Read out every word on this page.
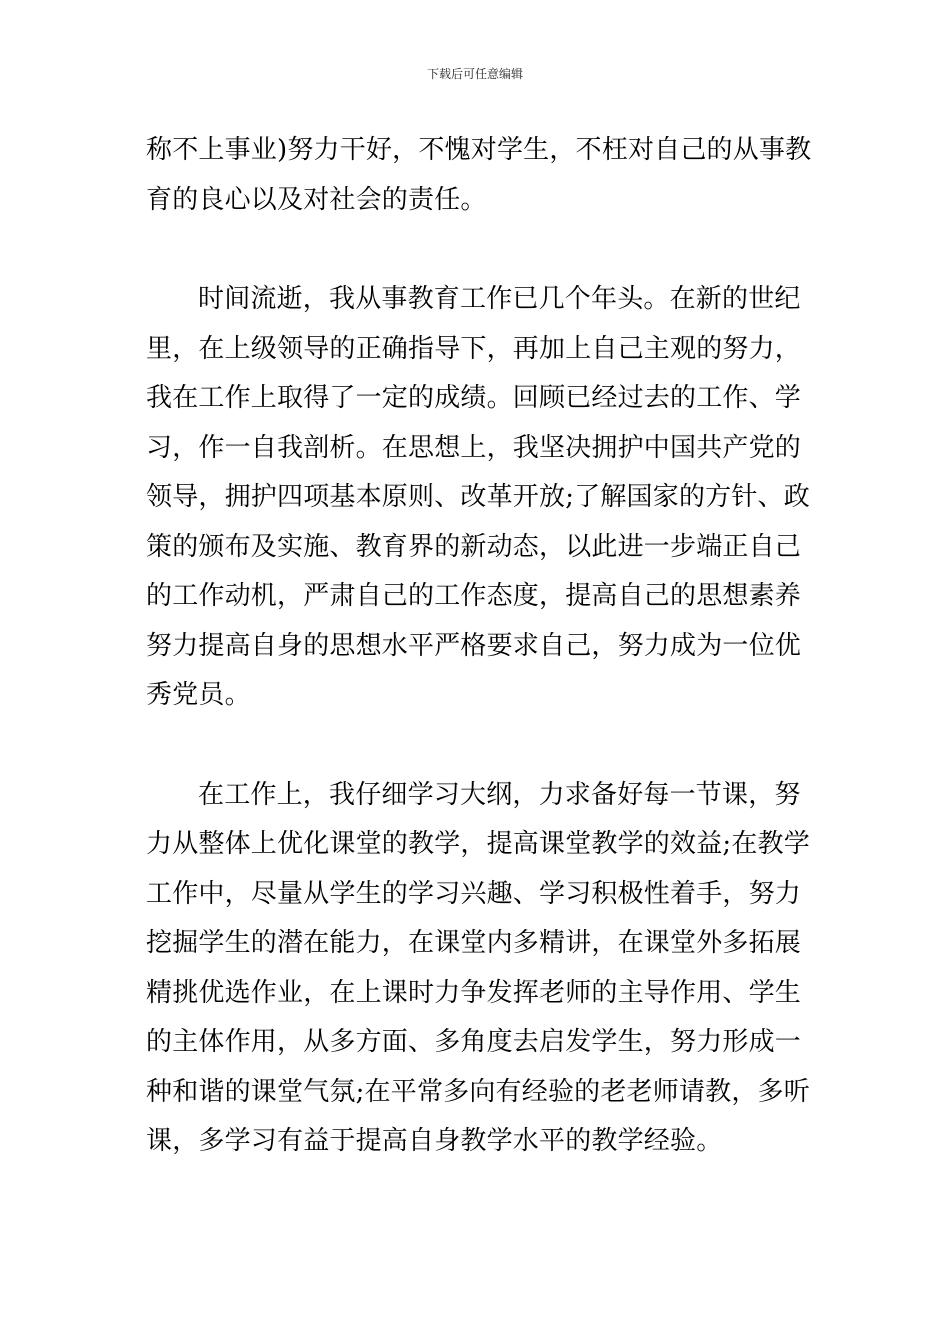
下载后可任意编辑
称不上事业)努力干好，不愧对学生，不枉对自己的从事教
育的良心以及对社会的责任。
时间流逝，我从事教育工作已几个年头。在新的世纪
里，在上级领导的正确指导下，再加上自己主观的努力，
我在工作上取得了一定的成绩。回顾已经过去的工作、学
习，作一自我剖析。在思想上，我坚决拥护中国共产党的
领导，拥护四项基本原则、改革开放;了解国家的方针、政
策的颁布及实施、教育界的新动态，以此进一步端正自己
的工作动机，严肃自己的工作态度，提高自己的思想素养
努力提高自身的思想水平严格要求自己，努力成为一位优
秀党员。
在工作上，我仔细学习大纲，力求备好每一节课，努
力从整体上优化课堂的教学，提高课堂教学的效益;在教学
工作中，尽量从学生的学习兴趣、学习积极性着手，努力
挖掘学生的潜在能力，在课堂内多精讲，在课堂外多拓展
精挑优选作业，在上课时力争发挥老师的主导作用、学生
的主体作用，从多方面、多角度去启发学生，努力形成一
种和谐的课堂气氛;在平常多向有经验的老老师请教，多听
课，多学习有益于提高自身教学水平的教学经验。
